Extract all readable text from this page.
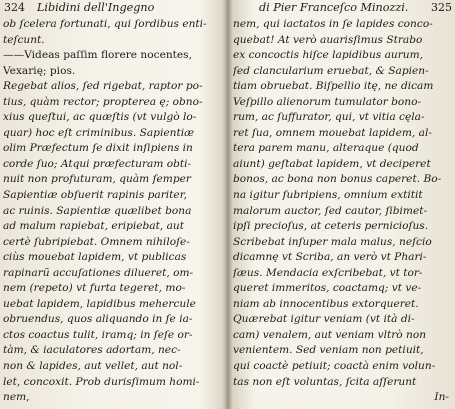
324 Libidini dell'Ingegno
ob ſcelera fortunati, qui ſordibus enti-
teſcunt.
——Videas paſſim florere nocentes,
Vexarię; pios.
Regebat alios, ſed rigebat, raptor po-
tius, quàm rector; propterea ę; obno-
xius queſtui, ac quæſtis (vt vulgò lo-
quar) hoc eſt criminibus. Sapientiæ
olim Præfectum ſe dixit inſipiens in
corde ſuo; Atqui præfecturam obti-
nuit non profuturam, quàm ſemper
Sapientiæ obſuerit rapinis pariter,
ac ruinis. Sapientiæ quælibet bona
ad malum rapiebat, eripiebat, aut
certè ſubripiebat. Omnem nihiloſe-
ciùs mouebat lapidem, vt publicas
rapinarũ accuſationes dilueret, om-
nem (repeto) vt furta tegeret, mo-
uebat lapidem, lapidibus mehercule
obruendus, quos aliquando in ſe ia-
ctos coactus tulit, iramq; in ſeſe or-
tàm, & iaculatores adortam, nec-
non & lapides, aut vellet, aut nol-
let, concoxit. Prob durisſimum homi-
nem,
di Pier Franceſco Minozzi. 325
nem, qui iactatos in ſe lapides conco-
quebat! At verò auarisſimus Strabo
ex concoctis hiſce lapidibus aurum,
ſed clancularium eruebat, & Sapien-
tiam obruebat. Biſpellio itę, ne dicam
Veſpillo alienorum tumulator bono-
rum, ac ſuffurator, qui, vt vitia cęla-
ret ſua, omnem mouebat lapidem, al-
tera parem manu, alteraque (quod
aiunt) geſtabat lapidem, vt deciperet
bonos, ac bona non bonus caperet. Bo-
na igitur ſubripiens, omnium extitit
malorum auctor, ſed cautor, ſibimet-
ipſi precioſus, at ceteris pernicioſus.
Scribebat inſuper mala malus, neſcio
dicamnę vt Scriba, an verò vt Phari-
ſæus. Mendacia exſcribebat, vt tor-
queret immeritos, coactamq; vt ve-
niam ab innocentibus extorqueret.
Quærebat igitur veniam (vt ità di-
cam) venalem, aut veniam vltrò non
venientem. Sed veniam non petiuit,
qui coactè petiuit; coactà enim volun-
tas non eſt voluntas, ſcita aſſerunt
In-
